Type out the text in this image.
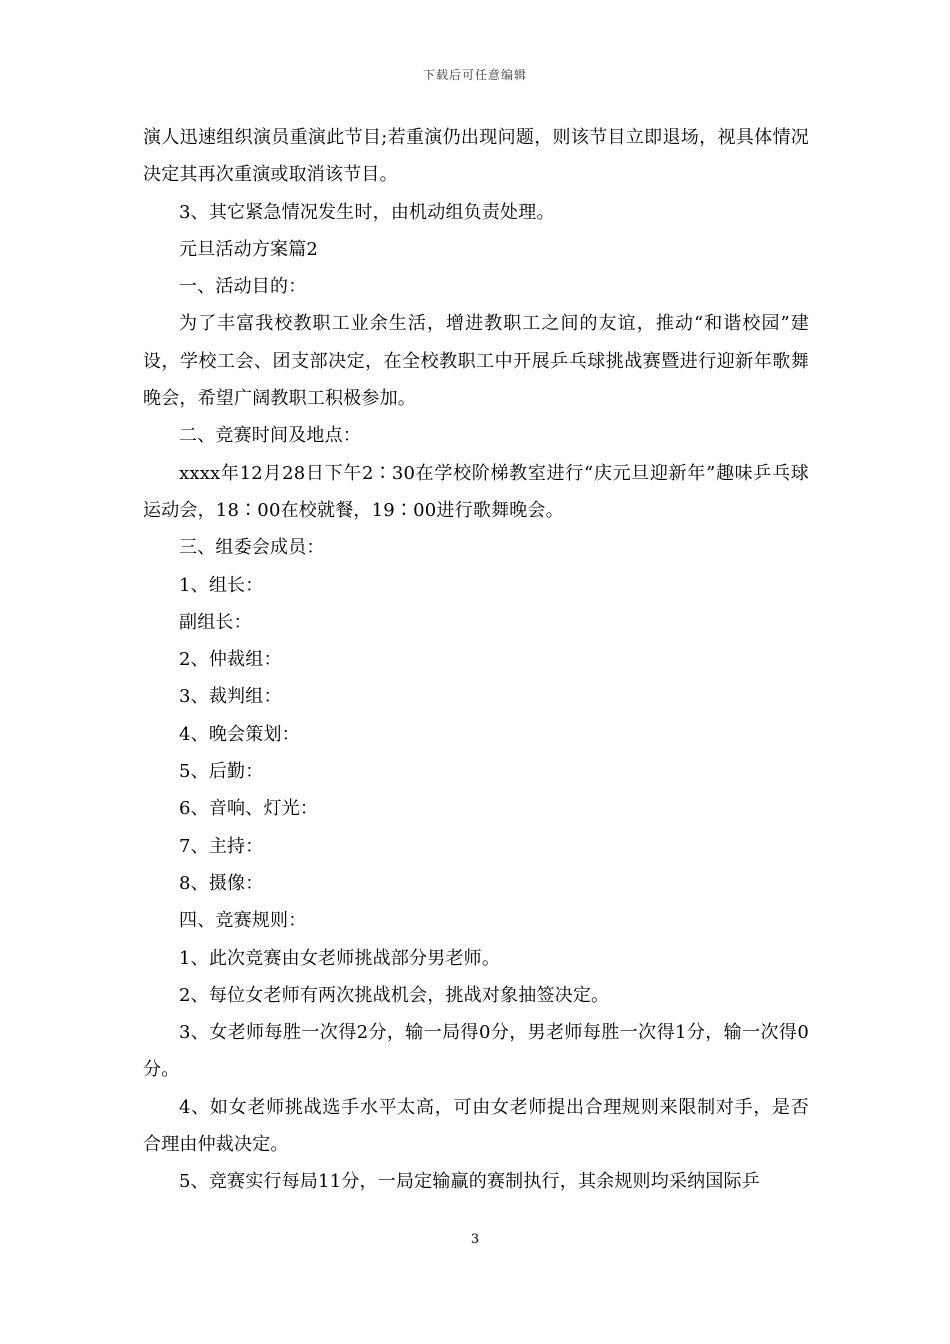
下载后可任意编辑

演人迅速组织演员重演此节目;若重演仍出现问题，则该节目立即退场，视具体情况决定其再次重演或取消该节目。

3、其它紧急情况发生时，由机动组负责处理。

元旦活动方案篇2

一、活动目的：

为了丰富我校教职工业余生活，增进教职工之间的友谊，推动“和谐校园”建设，学校工会、团支部决定，在全校教职工中开展乒乓球挑战赛暨进行迎新年歌舞晚会，希望广阔教职工积极参加。

二、竞赛时间及地点：

xxxx年12月28日下午2∶30在学校阶梯教室进行“庆元旦迎新年”趣味乒乓球运动会，18∶00在校就餐，19∶00进行歌舞晚会。

三、组委会成员：

1、组长：

副组长：

2、仲裁组：

3、裁判组：

4、晚会策划：

5、后勤：

6、音响、灯光：

7、主持：

8、摄像：

四、竞赛规则：

1、此次竞赛由女老师挑战部分男老师。

2、每位女老师有两次挑战机会，挑战对象抽签决定。

3、女老师每胜一次得2分，输一局得0分，男老师每胜一次得1分，输一次得0分。

4、如女老师挑战选手水平太高，可由女老师提出合理规则来限制对手，是否合理由仲裁决定。

5、竞赛实行每局11分，一局定输赢的赛制执行，其余规则均采纳国际乒

3
